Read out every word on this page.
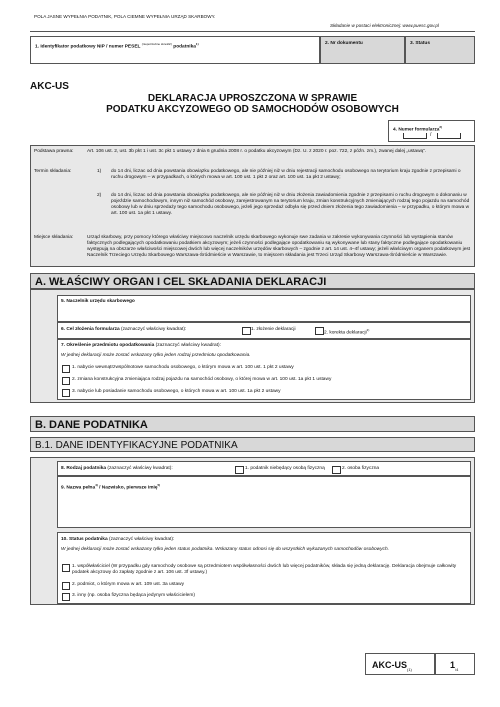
POLA JASNE WYPEŁNIA PODATNIK, POLA CIEMNE WYPEŁNIA URZĄD SKARBOWY.
Składanie w postaci elektronicznej: www.puesc.gov.pl
1. Identyfikator podatkowy NIP / numer PESEL $^{(niepotrzebne skreślić)}$ podatnika$^{1)}$	2. Nr dokumentu	3. Status
AKC-US
DEKLARACJA UPROSZCZONA W SPRAWIE
PODATKU AKCYZOWEGO OD SAMOCHODÓW OSOBOWYCH
4. Numer formularza$^{2)}$
/
Podstawa prawna:	Art. 106 ust. 2, ust. 3b pkt 1 i ust. 3c pkt 1 ustawy z dnia 6 grudnia 2008 r. o podatku akcyzowym (Dz. U. z 2020 r. poz. 722, z późn. zm.), zwanej dalej „ustawą”.
Termin składania:	1) do 14 dni, liczac od dnia powstania obowiązku podatkowego, ale nie później niż w dniu rejestracji samochodu osobowego na terytorium kraju zgodnie z przepisami o ruchu drogowym – w przypadkach, o których mowa w art. 100 ust. 1 pkt 2 oraz art. 100 ust. 1a pkt 2 ustawy;
2) do 14 dni, liczac od dnia powstania obowiązku podatkowego, ale nie później niż w dniu złożenia zawiadomienia zgodnie z przepisami o ruchu drogowym o dokonaniu w pojeździe samochodowym, innym niż samochód osobowy, zarejestrowanym na terytorium kraju, zmian konstrukcyjnych zmieniających rodzaj tego pojazdu na samochód osobowy lub w dniu sprzedaży tego samochodu osobowego, jeżeli jego sprzedaż odbyła się przed dniem złożenia tego zawiadomienia – w przypadku, o którym mowa w art. 100 ust. 1a pkt 1 ustawy.
Miejsce składania:	Urząd skarbowy, przy pomocy którego właściwy miejscowo naczelnik urzędu skarbowego wykonuje swe zadania w zakresie wykonywania czynności lub wystąpienia stanów faktycznych podlegających opodatkowaniu podatkiem akcyzowym; jeżeli czynności podlegające opodatkowaniu są wykonywane lub stany faktyczne podlegające opodatkowaniu występują na obszarze właściwości miejscowej dwóch lub więcej naczelników urzędów skarbowych – zgodnie z art. 14 ust. 4–4f ustawy; jeżeli właściwym organem podatkowym jest Naczelnik Trzeciego Urzędu Skarbowego Warszawa-Śródmieście w Warszawie, to miejscem składania jest Trzeci Urząd Skarbowy Warszawa-Śródmieście w Warszawie.
A. WŁAŚCIWY ORGAN I CEL SKŁADANIA DEKLARACJI
5. Naczelnik urzędu skarbowego
6. Cel złożenia formularza (zaznaczyć właściwy kwadrat):	1. złożenie deklaracji
2. korekta deklaracji$^{3)}$
7. Określenie przedmiotu opodatkowania (zaznaczyć właściwy kwadrat):
W jednej deklaracji może zostać wskazany tylko jeden rodzaj przedmiotu opodatkowania.
1. nabycie wewnątrzwspólnotowe samochodu osobowego, o którym mowa w art. 100 ust. 1 pkt 2 ustawy
2. zmiana konstrukcyjna zmieniająca rodzaj pojazdu na samochód osobowy, o której mowa w art. 100 ust. 1a pkt 1 ustawy
3. nabycie lub posiadanie samochodu osobowego, o których mowa w art. 100 ust. 1a pkt 2 ustawy
B. DANE PODATNIKA
B.1. DANE IDENTYFIKACYJNE PODATNIKA
8. Rodzaj podatnika (zaznaczyć właściwy kwadrat):	1. podatnik niebędący osobą fizyczną	2. osoba fizyczna
9. Nazwa pełna$^{4)}$ / Nazwisko, pierwsze imię$^{5)}$
10. Status podatnika (zaznaczyć właściwy kwadrat):
W jednej deklaracji może zostać wskazany tylko jeden status podatnika. Wskazany status odnosi się do wszystkich wykazanych samochodów osobowych.
1. współwłaściciel (W przypadku gdy samochody osobowe są przedmiotem współwłasności dwóch lub więcej podatników, składa się jedną deklarację. Deklaracja obejmuje całkowity podatek akcyzowy do zapłaty zgodnie z art. 106 ust. 3f ustawy.)
2. podmiot, o którym mowa w art. 109 ust. 3a ustawy
3. inny (np. osoba fizyczna będąca jedynym właścicielem)
AKC-$US_{(1)}$	$1_{/4}$
